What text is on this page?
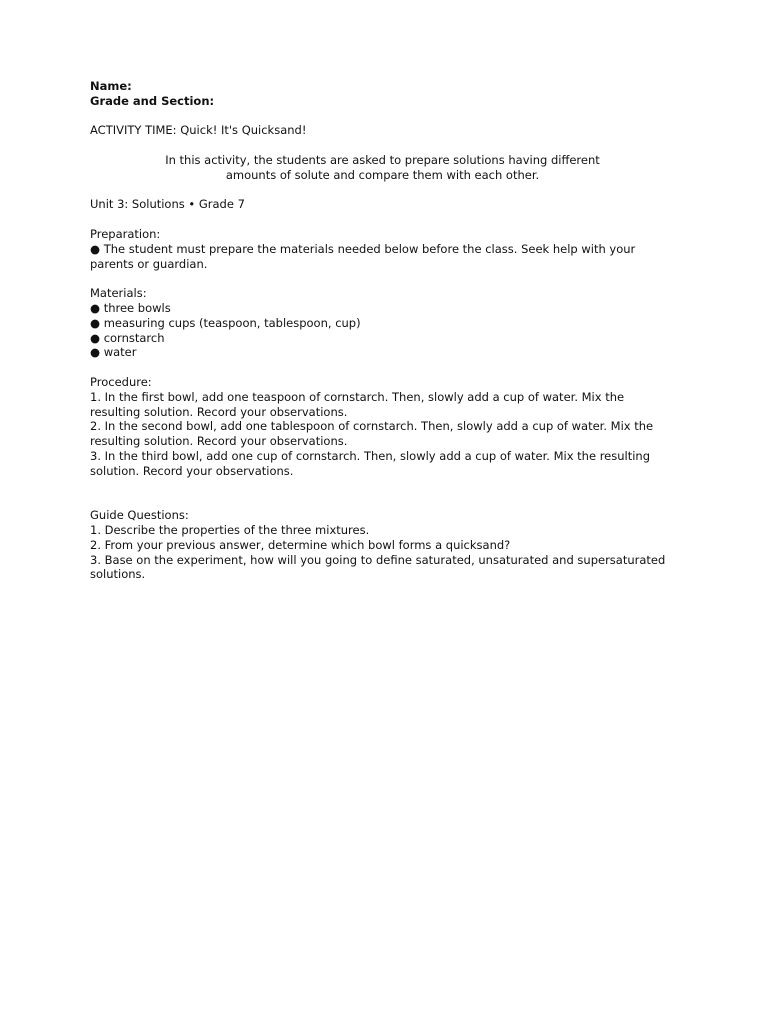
Name:
Grade and Section:
ACTIVITY TIME: Quick! It's Quicksand!
In this activity, the students are asked to prepare solutions having different
amounts of solute and compare them with each other.
Unit 3: Solutions • Grade 7
Preparation:
● The student must prepare the materials needed below before the class. Seek help with your parents or guardian.
Materials:
● three bowls
● measuring cups (teaspoon, tablespoon, cup)
● cornstarch
● water
Procedure:
1. In the first bowl, add one teaspoon of cornstarch. Then, slowly add a cup of water. Mix the resulting solution. Record your observations.
2. In the second bowl, add one tablespoon of cornstarch. Then, slowly add a cup of water. Mix the resulting solution. Record your observations.
3. In the third bowl, add one cup of cornstarch. Then, slowly add a cup of water. Mix the resulting solution. Record your observations.
Guide Questions:
1. Describe the properties of the three mixtures.
2. From your previous answer, determine which bowl forms a quicksand?
3. Base on the experiment, how will you going to define saturated, unsaturated and supersaturated solutions.
